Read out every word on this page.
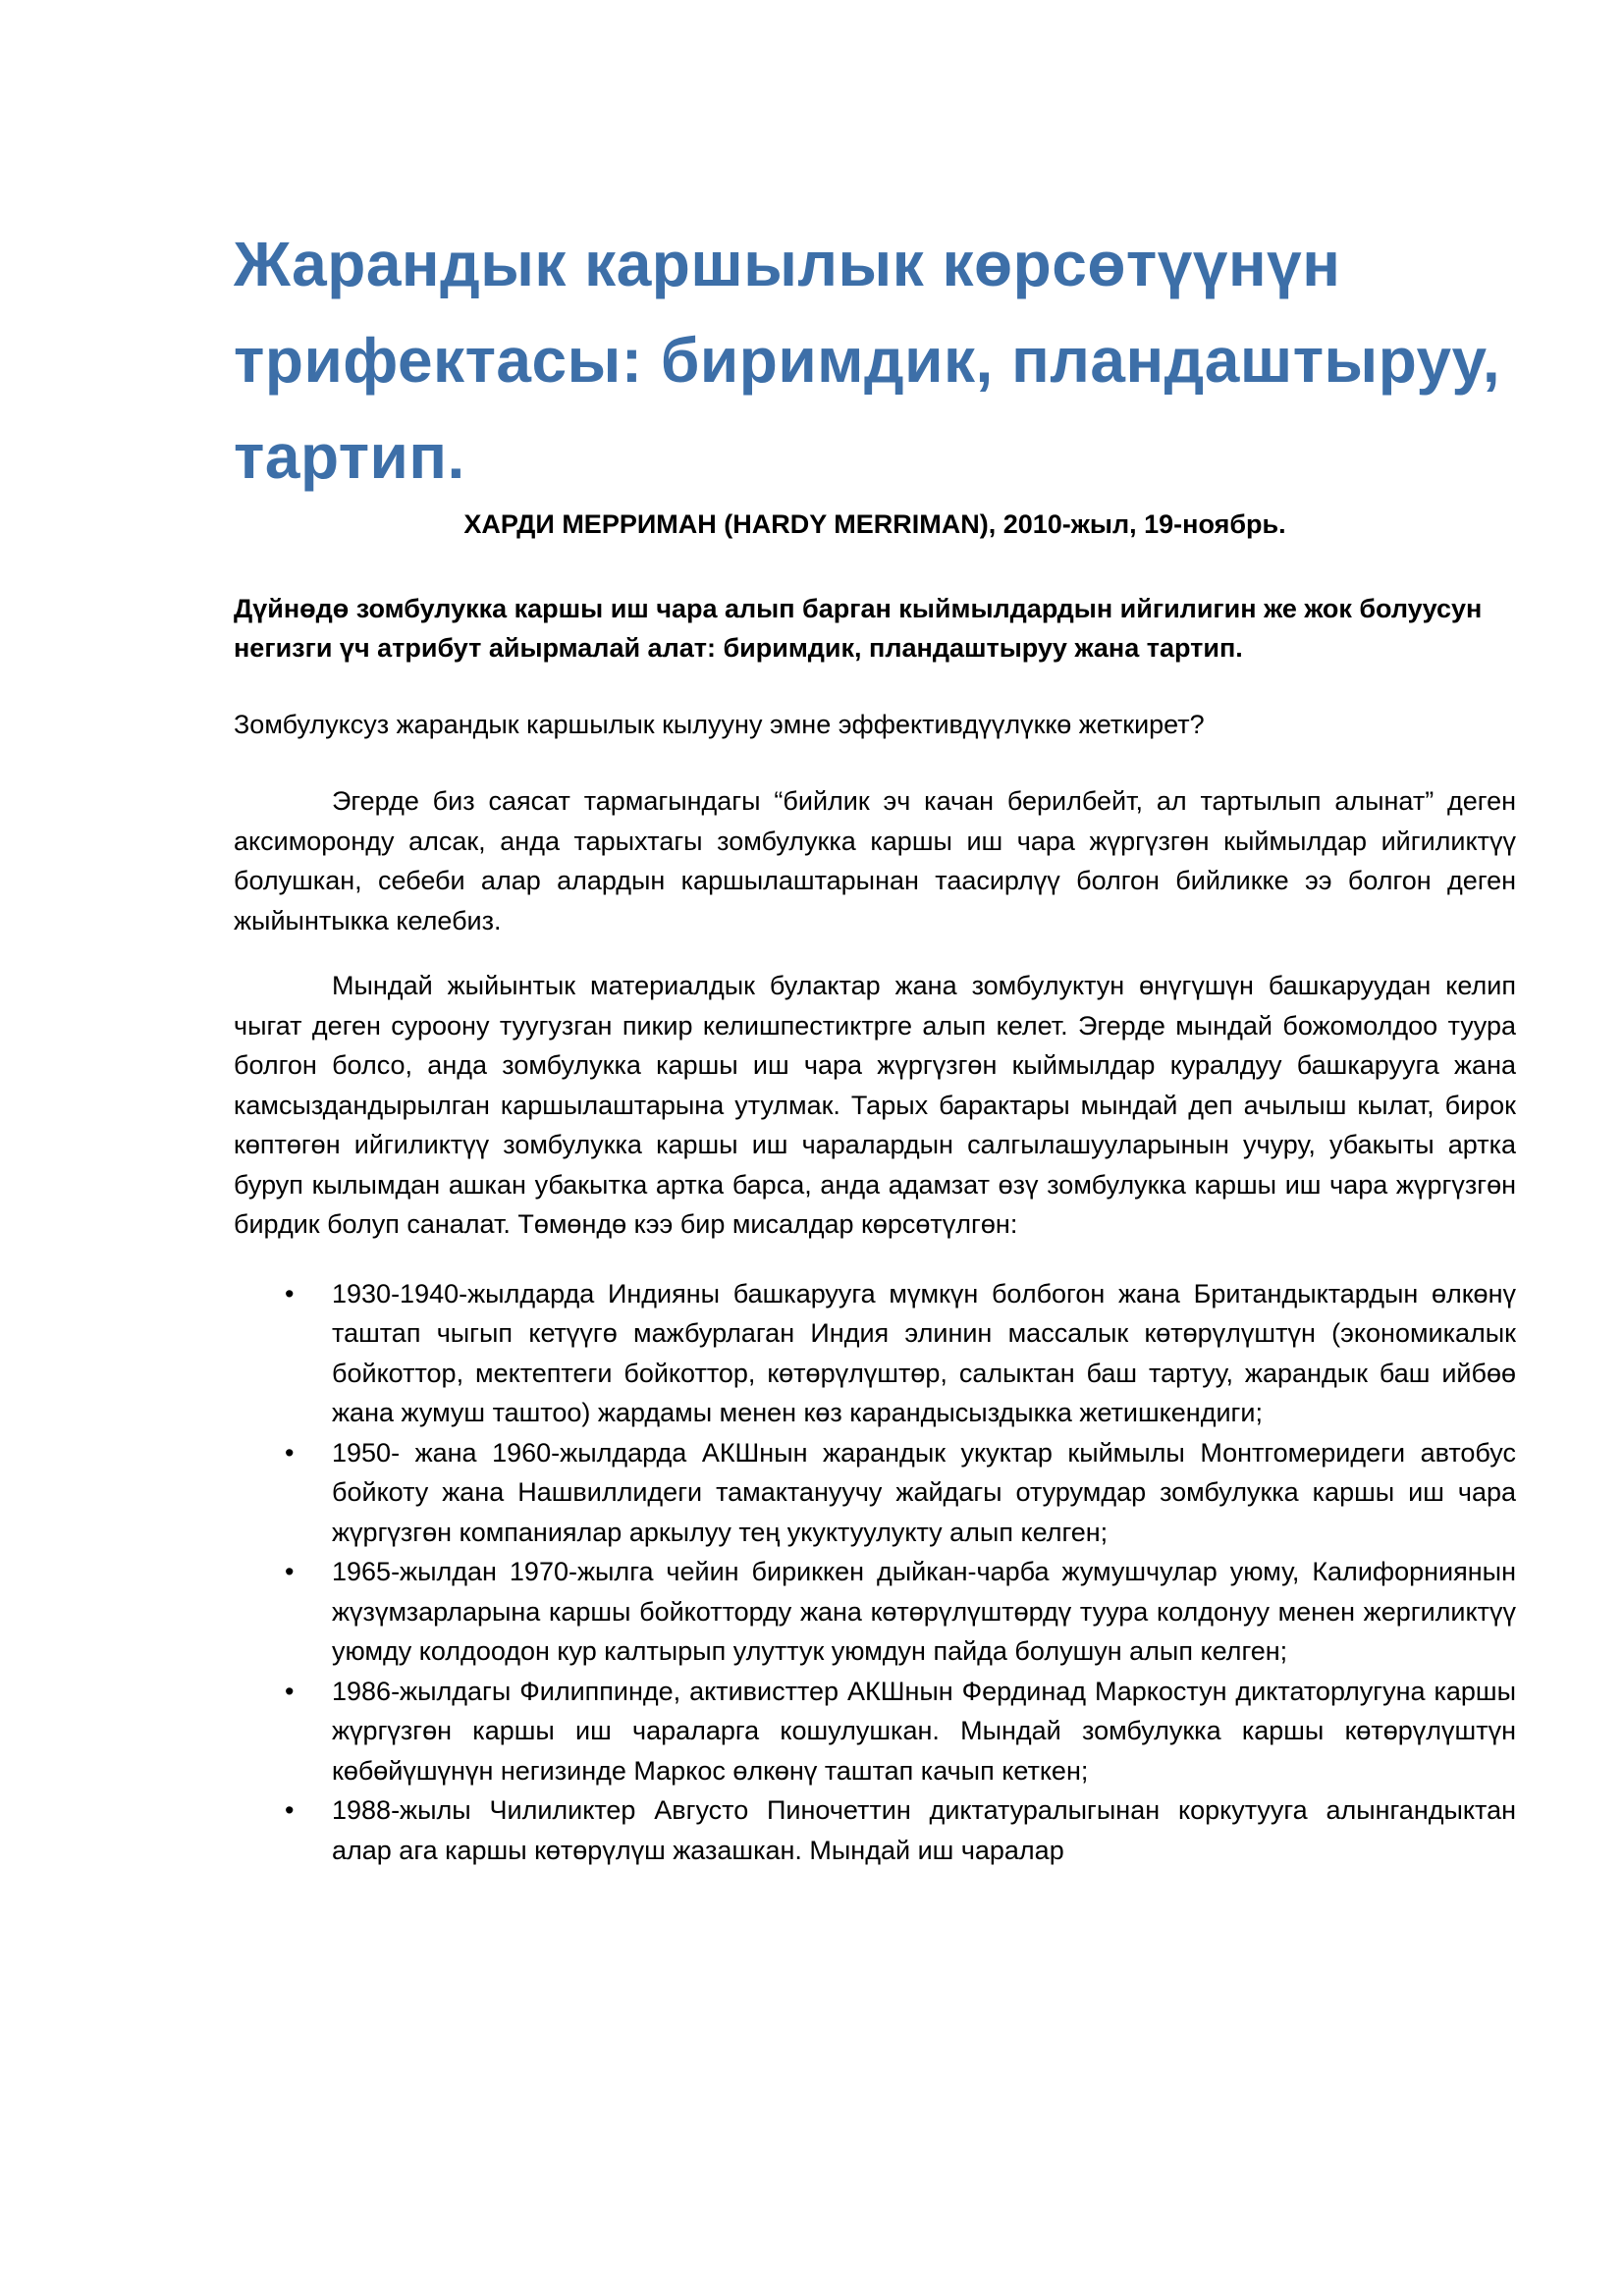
Жарандык каршылык көрсөтүүнүн трифектасы: биримдик, пландаштыруу, тартип.

ХАРДИ МЕРРИМАН (HARDY MERRIMAN), 2010-жыл, 19-ноябрь.

Дүйнөдө зомбулукка каршы иш чара алып барган кыймылдардын ийгилигин же жок болуусун негизги үч атрибут айырмалай алат: биримдик, пландаштыруу жана тартип.
Зомбулуксуз жарандык каршылык кылууну эмне эффективдүүлүккө жеткирет?
Эгерде биз саясат тармагындагы “бийлик эч качан берилбейт, ал тартылып алынат” деген аксиморонду алсак, анда тарыхтагы зомбулукка каршы иш чара жүргүзгөн кыймылдар ийгиликтүү болушкан, себеби алар алардын каршылаштарынан таасирлүү болгон бийликке ээ болгон деген жыйынтыкка келебиз.
Мындай жыйынтык материалдык булактар жана зомбулуктун өнүгүшүн башкаруудан келип чыгат деген суроону туугузган пикир келишпестиктрге алып келет. Эгерде мындай божомолдоо туура болгон болсо, анда зомбулукка каршы иш чара жүргүзгөн кыймылдар куралдуу башкарууга жана камсыздандырылган каршылаштарына утулмак. Тарых барактары мындай деп ачылыш кылат, бирок көптөгөн ийгиликтүү зомбулукка каршы иш чаралардын салгылашууларынын учуру, убакыты артка буруп кылымдан ашкан убакытка артка барса, анда адамзат өзү зомбулукка каршы иш чара жүргүзгөн бирдик болуп саналат. Төмөндө кээ бир мисалдар көрсөтүлгөн:
• 1930-1940-жылдарда Индияны башкарууга мүмкүн болбогон жана Британдыктардын өлкөнү таштап чыгып кетүүгө мажбурлаган Индия элинин массалык көтөрүлүштүн (экономикалык бойкоттор, мектептеги бойкоттор, көтөрүлүштөр, салыктан баш тартуу, жарандык баш ийбөө жана жумуш таштоо) жардамы менен көз карандысыздыкка жетишкендиги;
• 1950- жана 1960-жылдарда АКШнын жарандык укуктар кыймылы Монтгомеридеги автобус бойкоту жана Нашвиллидеги тамактануучу жайдагы отурумдар зомбулукка каршы иш чара жүргүзгөн компаниялар аркылуу тең укуктуулукту алып келген;
• 1965-жылдан 1970-жылга чейин бириккен дыйкан-чарба жумушчулар уюму, Калифорниянын жүзүмзарларына каршы бойкотторду жана көтөрүлүштөрдү туура колдонуу менен жергиликтүү уюмду колдоодон кур калтырып улуттук уюмдун пайда болушун алып келген;
• 1986-жылдагы Филиппинде, активисттер АКШнын Фердинад Маркостун диктаторлугуна каршы жүргүзгөн каршы иш чараларга кошулушкан. Мындай зомбулукка каршы көтөрүлүштүн көбөйүшүнүн негизинде Маркос өлкөнү таштап качып кеткен;
• 1988-жылы Чилиликтер Августо Пиночеттин диктатуралыгынан коркутууга алынгандыктан алар ага каршы көтөрүлүш жазашкан. Мындай иш чаралар
